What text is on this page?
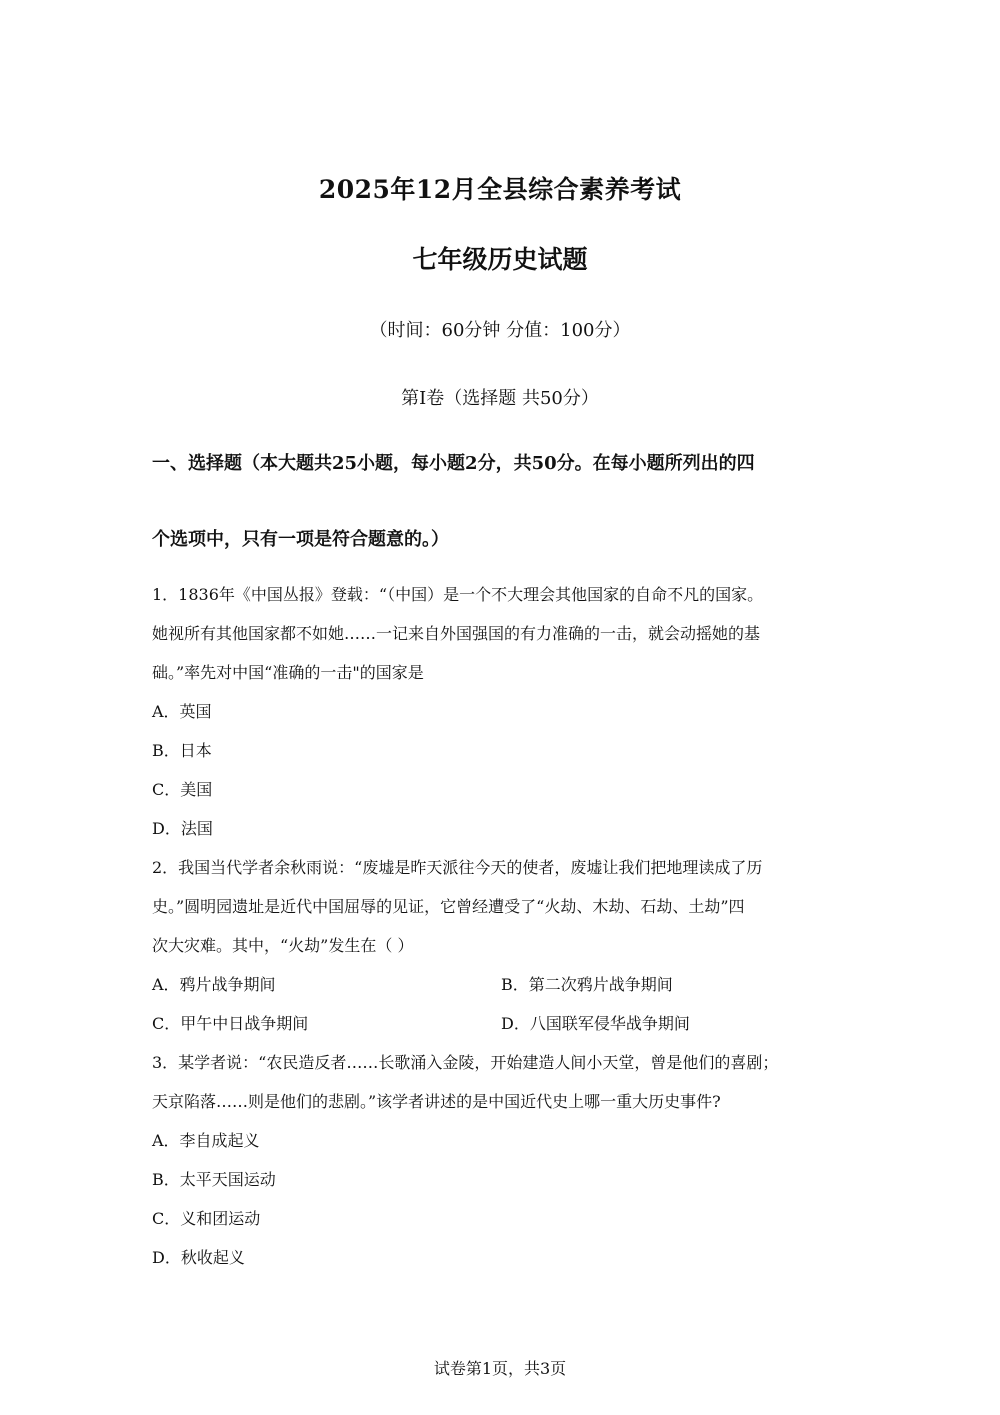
2025年12月全县综合素养考试
七年级历史试题
（时间：60分钟 分值：100分）
第Ⅰ卷（选择题 共50分）
一、选择题（本大题共25小题，每小题2分，共50分。在每小题所列出的四
个选项中，只有一项是符合题意的。）
1．1836年《中国丛报》登载：“（中国）是一个不大理会其他国家的自命不凡的国家。
她视所有其他国家都不如她……一记来自外国强国的有力准确的一击，就会动摇她的基
础。”率先对中国“准确的一击"的国家是
A．英国
B．日本
C．美国
D．法国
2．我国当代学者余秋雨说：“废墟是昨天派往今天的使者，废墟让我们把地理读成了历
史。”圆明园遗址是近代中国屈辱的见证，它曾经遭受了“火劫、木劫、石劫、土劫”四
次大灾难。其中，“火劫”发生在（ ）
A．鸦片战争期间	B．第二次鸦片战争期间
C．甲午中日战争期间	D．八国联军侵华战争期间
3．某学者说：“农民造反者……长歌涌入金陵，开始建造人间小天堂，曾是他们的喜剧；
天京陷落……则是他们的悲剧。”该学者讲述的是中国近代史上哪一重大历史事件?
A．李自成起义
B．太平天国运动
C．义和团运动
D．秋收起义
试卷第1页，共3页
